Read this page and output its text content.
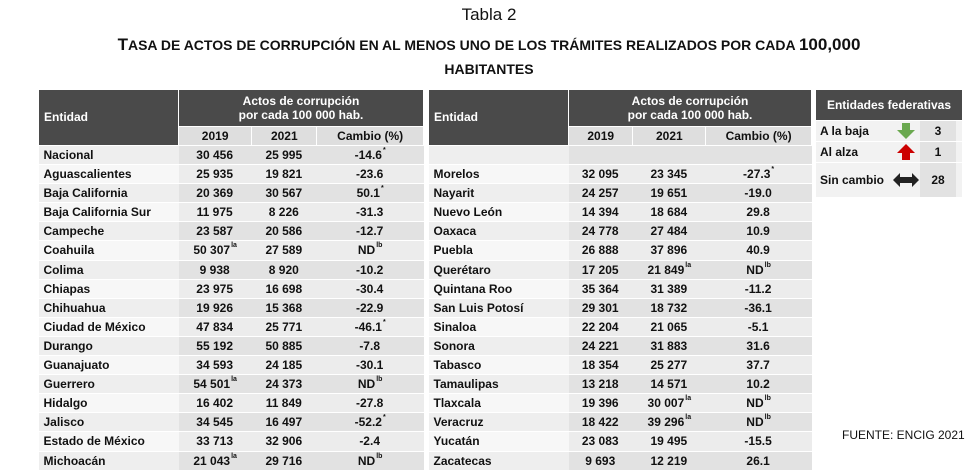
Tabla 2
TASA DE ACTOS DE CORRUPCIÓN EN AL MENOS UNO DE LOS TRÁMITES REALIZADOS POR CADA 100,000
HABITANTES
Entidad	Actos de corrupción
por cada 100 000 hab.		
	2019	2021	Cambio (%)
Nacional	30 456	25 995	-14.6*
Aguascalientes	25 935	19 821	-23.6
Baja California	20 369	30 567	50.1*
Baja California Sur	11 975	8 226	-31.3
Campeche	23 587	20 586	-12.7
Coahuila	50 $307^{la}$	27 589	$ND^{lb}$
Colima	9 938	8 920	-10.2
Chiapas	23 975	16 698	-30.4
Chihuahua	19 926	15 368	-22.9
Ciudad de México	47 834	25 771	-46.1*
Durango	55 192	50 885	-7.8
Guanajuato	34 593	24 185	-30.1
Guerrero	54 $501^{la}$	24 373	$ND^{lb}$
Hidalgo	16 402	11 849	-27.8
Jalisco	34 545	16 497	-52.2*
Estado de México	33 713	32 906	-2.4
Michoacán	21 $043^{la}$	29 716	$ND^{lb}$
Entidad	Actos de corrupción
por cada 100 000 hab.		
	2019	2021	Cambio (%)

Morelos	32 095	23 345	-27.3*
Nayarit	24 257	19 651	-19.0
Nuevo León	14 394	18 684	29.8
Oaxaca	24 778	27 484	10.9
Puebla	26 888	37 896	40.9
Querétaro	17 205	21 $849^{la}$	$ND^{lb}$
Quintana Roo	35 364	31 389	-11.2
San Luis Potosí	29 301	18 732	-36.1
Sinaloa	22 204	21 065	-5.1
Sonora	24 221	31 883	31.6
Tabasco	18 354	25 277	37.7
Tamaulipas	13 218	14 571	10.2
Tlaxcala	19 396	30 $007^{la}$	$ND^{lb}$
Veracruz	18 422	39 $296^{la}$	$ND^{lb}$
Yucatán	23 083	19 495	-15.5
Zacatecas	9 693	12 219	26.1
Entidades federativas
A la baja	3
Al alza	1
Sin cambio	28
FUENTE: ENCIG 2021
